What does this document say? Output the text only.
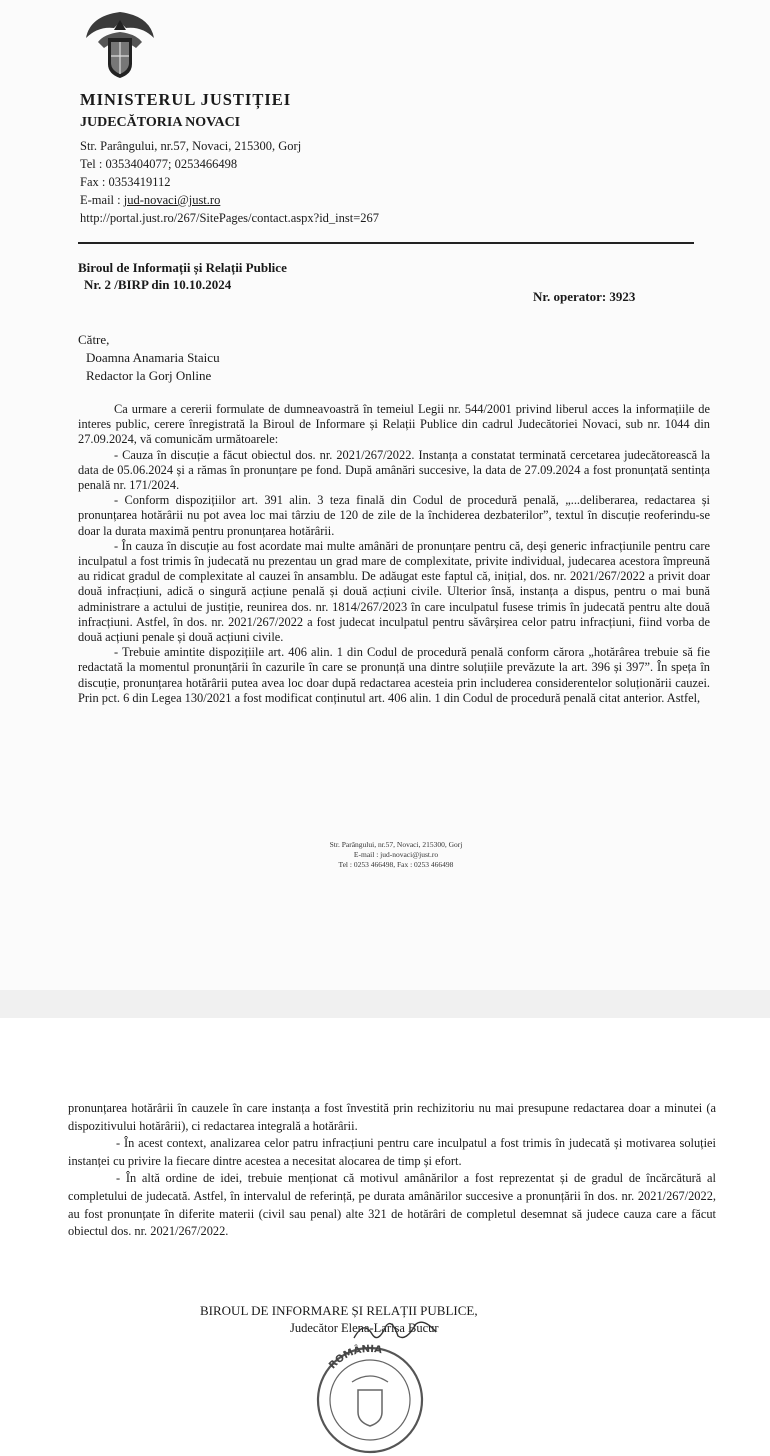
MINISTERUL JUSTIȚIEI
JUDECĂTORIA NOVACI
Str. Parângului, nr.57, Novaci, 215300, Gorj
Tel : 0353404077; 0253466498
Fax : 0353419112
E-mail : jud-novaci@just.ro
http://portal.just.ro/267/SitePages/contact.aspx?id_inst=267
Biroul de Informații și Relații Publice
Nr. 2 /BIRP din 10.10.2024
Nr. operator: 3923
Către,
Doamna Anamaria Staicu
Redactor la Gorj Online

Ca urmare a cererii formulate de dumneavoastră în temeiul Legii nr. 544/2001 privind liberul acces la informațiile de interes public, cerere înregistrată la Biroul de Informare și Relații Publice din cadrul Judecătoriei Novaci, sub nr. 1044 din 27.09.2024, vă comunicăm următoarele:

- Cauza în discuție a făcut obiectul dos. nr. 2021/267/2022. Instanța a constatat terminată cercetarea judecătorească la data de 05.06.2024 și a rămas în pronunțare pe fond. După amânări succesive, la data de 27.09.2024 a fost pronunțată sentința penală nr. 171/2024.

- Conform dispozițiilor art. 391 alin. 3 teza finală din Codul de procedură penală, „...deliberarea, redactarea și pronunțarea hotărârii nu pot avea loc mai târziu de 120 de zile de la închiderea dezbaterilor”, textul în discuție reoferindu-se doar la durata maximă pentru pronunțarea hotărârii.

- În cauza în discuție au fost acordate mai multe amânări de pronunțare pentru că, deși generic infracțiunile pentru care inculpatul a fost trimis în judecată nu prezentau un grad mare de complexitate, privite individual, judecarea acestora împreună au ridicat gradul de complexitate al cauzei în ansamblu. De adăugat este faptul că, inițial, dos. nr. 2021/267/2022 a privit doar două infracțiuni, adică o singură acțiune penală și două acțiuni civile. Ulterior însă, instanța a dispus, pentru o mai bună administrare a actului de justiție, reunirea dos. nr. 1814/267/2023 în care inculpatul fusese trimis în judecată pentru alte două infracțiuni. Astfel, în dos. nr. 2021/267/2022 a fost judecat inculpatul pentru săvârșirea celor patru infracțiuni, fiind vorba de două acțiuni penale și două acțiuni civile.

- Trebuie amintite dispozițiile art. 406 alin. 1 din Codul de procedură penală conform cărora „hotărârea trebuie să fie redactată la momentul pronunțării în cazurile în care se pronunță una dintre soluțiile prevăzute la art. 396 și 397”. În speța în discuție, pronunțarea hotărârii putea avea loc doar după redactarea acesteia prin includerea considerentelor soluționării cauzei. Prin pct. 6 din Legea 130/2021 a fost modificat conținutul art. 406 alin. 1 din Codul de procedură penală citat anterior. Astfel,

Str. Parângului, nr.57, Novaci, 215300, Gorj
E-mail : jud-novaci@just.ro
Tel : 0253 466498, Fax : 0253 466498

pronunțarea hotărârii în cauzele în care instanța a fost învestită prin rechizitoriu nu mai presupune redactarea doar a minutei (a dispozitivului hotărârii), ci redactarea integrală a hotărârii.

- În acest context, analizarea celor patru infracțiuni pentru care inculpatul a fost trimis în judecată și motivarea soluției instanței cu privire la fiecare dintre acestea a necesitat alocarea de timp și efort.

- În altă ordine de idei, trebuie menționat că motivul amânărilor a fost reprezentat și de gradul de încărcătură al completului de judecată. Astfel, în intervalul de referință, pe durata amânărilor succesive a pronunțării în dos. nr. 2021/267/2022, au fost pronunțate în diferite materii (civil sau penal) alte 321 de hotărâri de completul desemnat să judece cauza care a făcut obiectul dos. nr. 2021/267/2022.

BIROUL DE INFORMARE ȘI RELAȚII PUBLICE,
Judecător Elena-Larisa Bucur
ROMÂNIA
